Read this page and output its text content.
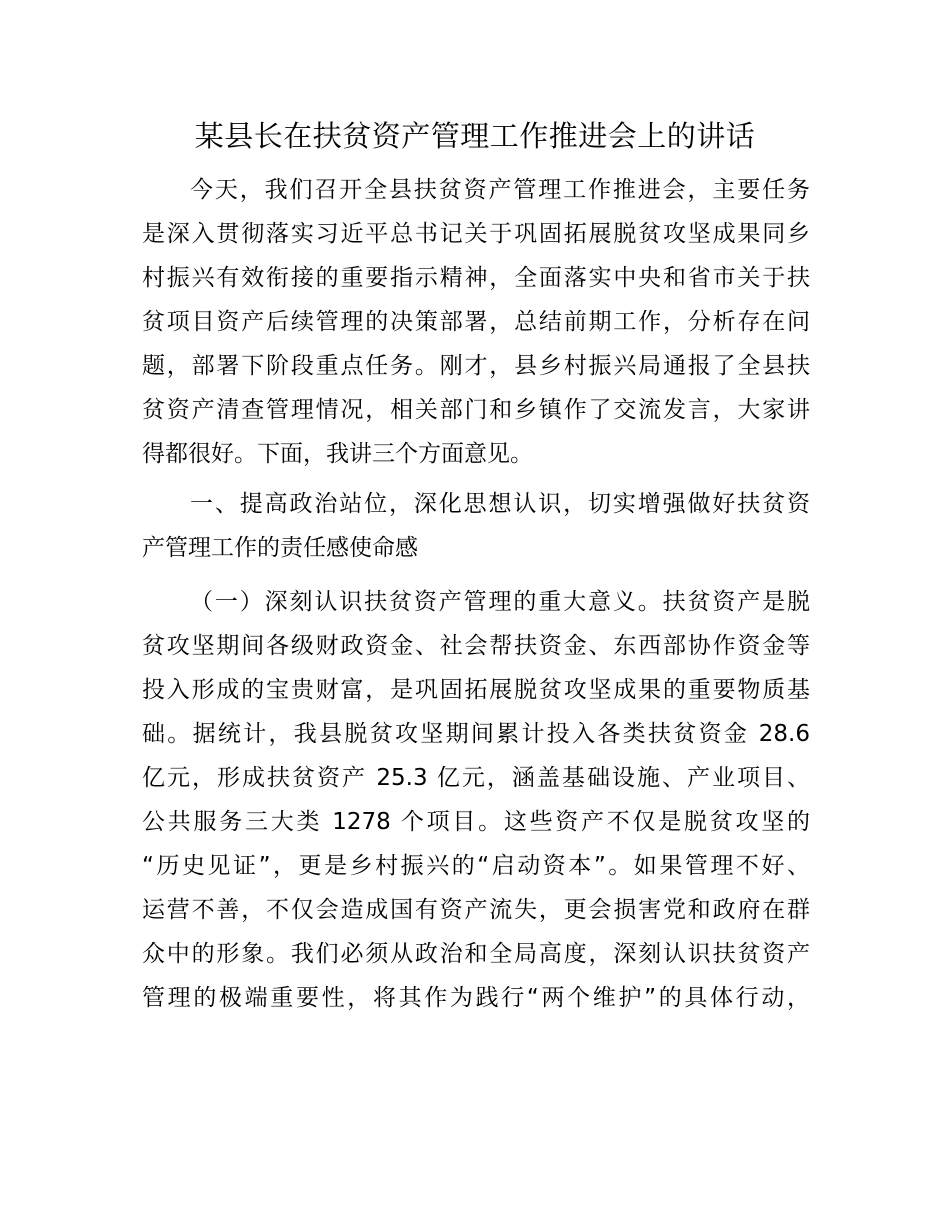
某县长在扶贫资产管理工作推进会上的讲话
今天，我们召开全县扶贫资产管理工作推进会，主要任务
是深入贯彻落实习近平总书记关于巩固拓展脱贫攻坚成果同乡
村振兴有效衔接的重要指示精神，全面落实中央和省市关于扶
贫项目资产后续管理的决策部署，总结前期工作，分析存在问
题，部署下阶段重点任务。刚才，县乡村振兴局通报了全县扶
贫资产清查管理情况，相关部门和乡镇作了交流发言，大家讲
得都很好。下面，我讲三个方面意见。
一、提高政治站位，深化思想认识，切实增强做好扶贫资
产管理工作的责任感使命感
（一）深刻认识扶贫资产管理的重大意义。扶贫资产是脱
贫攻坚期间各级财政资金、社会帮扶资金、东西部协作资金等
投入形成的宝贵财富，是巩固拓展脱贫攻坚成果的重要物质基
础。据统计，我县脱贫攻坚期间累计投入各类扶贫资金 28.6
亿元，形成扶贫资产 25.3 亿元，涵盖基础设施、产业项目、
公共服务三大类 1278 个项目。这些资产不仅是脱贫攻坚的
“历史见证”，更是乡村振兴的“启动资本”。如果管理不好、
运营不善，不仅会造成国有资产流失，更会损害党和政府在群
众中的形象。我们必须从政治和全局高度，深刻认识扶贫资产
管理的极端重要性，将其作为践行“两个维护”的具体行动，
